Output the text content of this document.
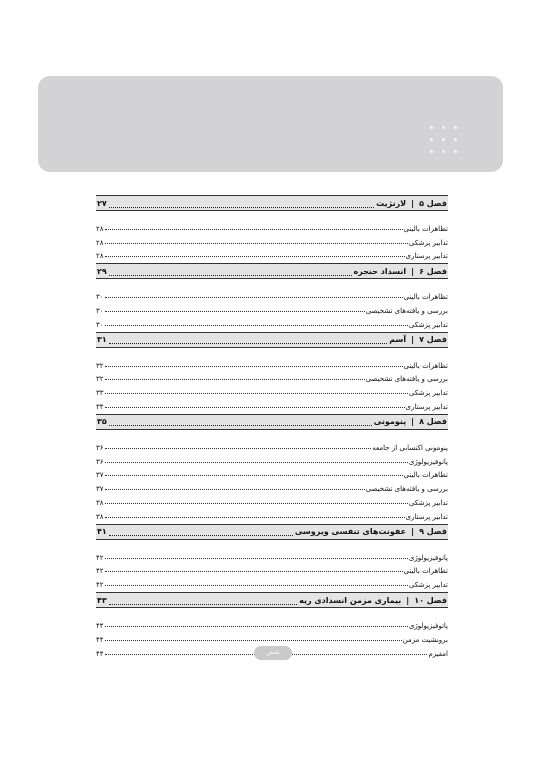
فصل ۵
|
لارنژیت
۲۷
تظاهرات بالینی
۲۸
تدابیر پزشکی
۲۸
تدابیر پرستاری
۲۸
فصل ۶
|
انسداد حنجره
۲۹
تظاهرات بالینی
۳۰
بررسی و یافته‌های تشخیصی
۳۰
تدابیر پزشکی
۳۰
فصل ۷
|
آسم
۳۱
تظاهرات بالینی
۳۲
بررسی و یافته‌های تشخیصی
۳۲
تدابیر پزشکی
۳۳
تدابیر پرستاری
۳۴
فصل ۸
|
پنومونی
۳۵
پنومونی اکتسابی از جامعه
۳۶
پاتوفیزیولوژی
۳۶
تظاهرات بالینی
۳۷
بررسی و یافته‌های تشخیصی
۳۷
تدابیر پزشکی
۳۸
تدابیر پرستاری
۳۸
فصل ۹
|
عفونت‌های تنفسی ویروسی
۴۱
پاتوفیزیولوژی
۴۲
تظاهرات بالینی
۴۲
تدابیر پزشکی
۴۲
فصل ۱۰
|
بیماری مزمن انسدادی ریه
۴۳
پاتوفیزیولوژی
۴۴
برونشیت مزمن
۴۴
امفیزم
۴۴	شش
